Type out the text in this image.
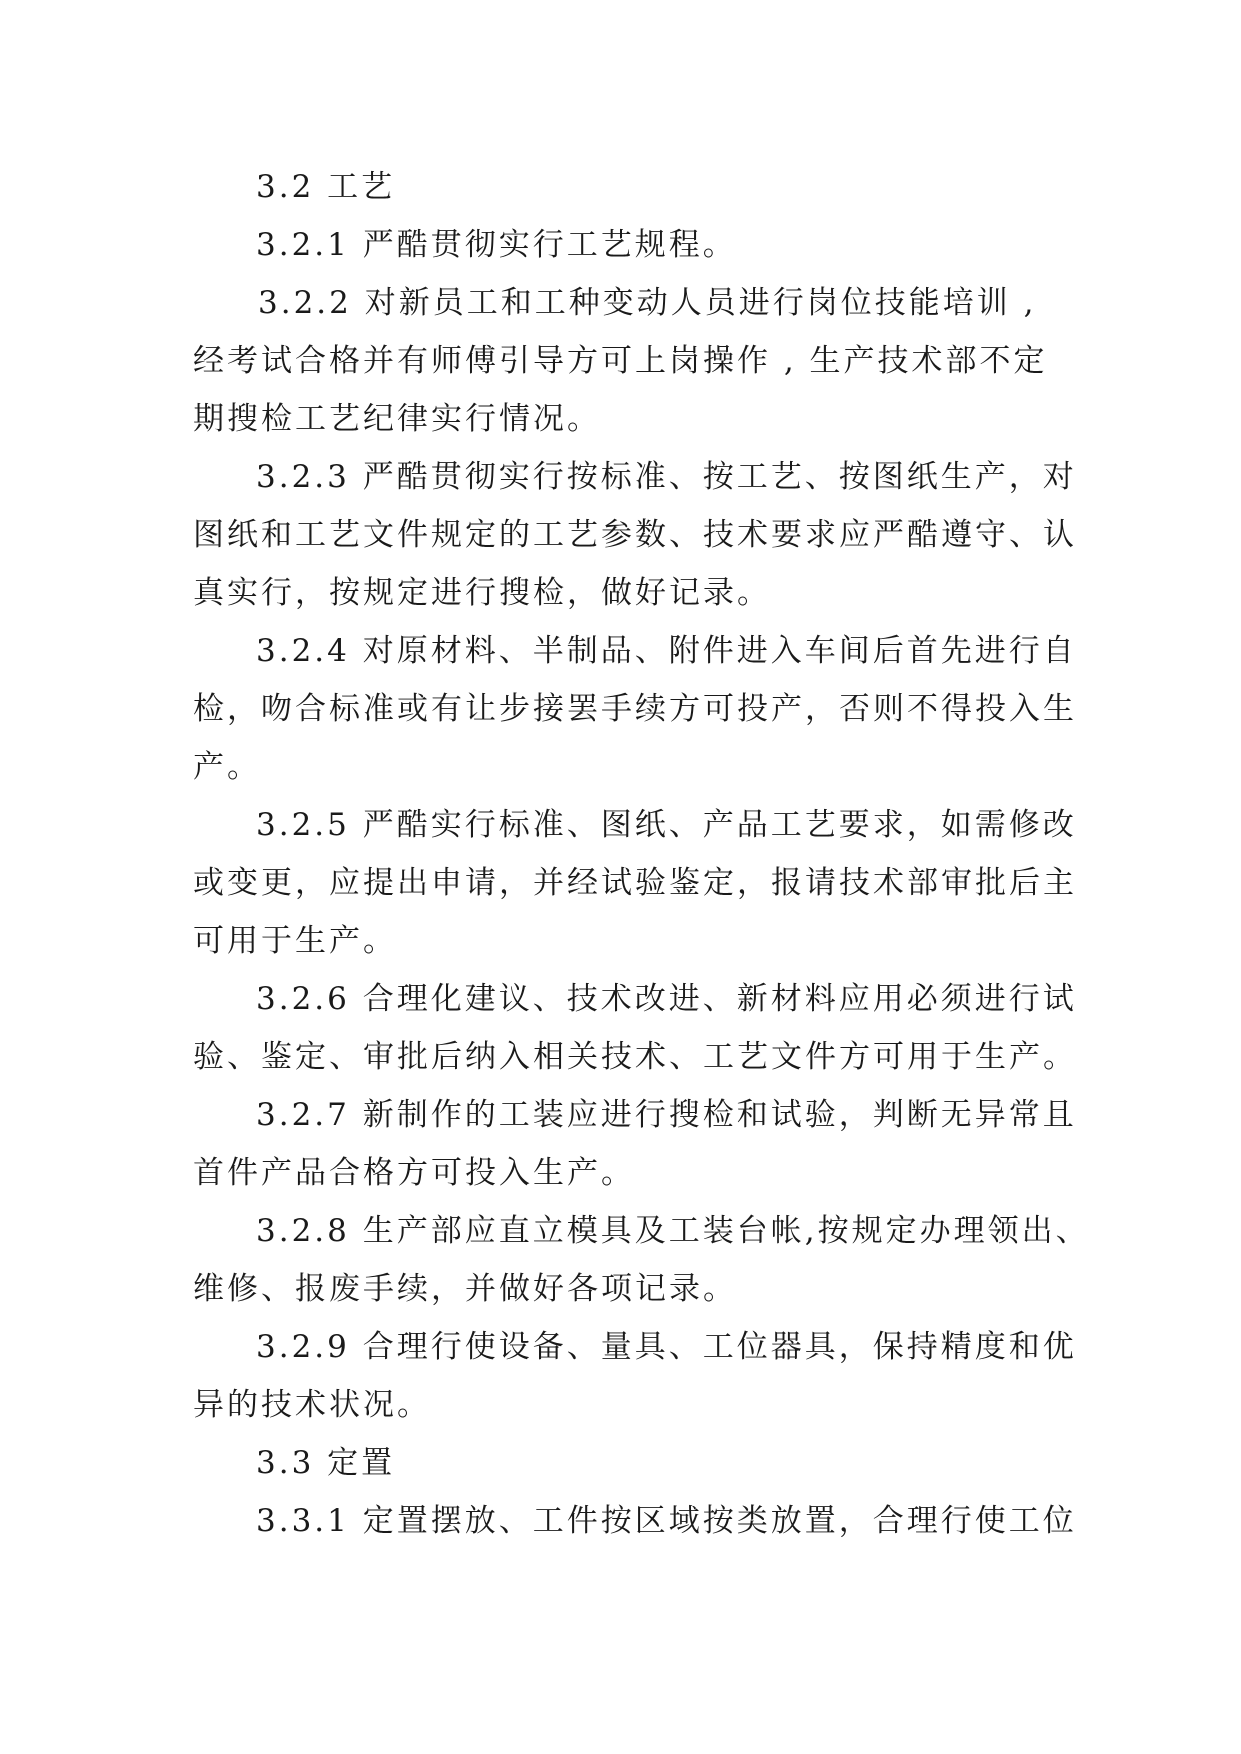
3.2 工艺
3.2.1 严酷贯彻实行工艺规程。
3.2.2 对新员工和工种变动人员进行岗位技能培训 ,
经考试合格并有师傅引导方可上岗操作 , 生产技术部不定
期搜检工艺纪律实行情况。
3.2.3 严酷贯彻实行按标准、按工艺、按图纸生产，对
图纸和工艺文件规定的工艺参数、技术要求应严酷遵守、认
真实行，按规定进行搜检，做好记录。
3.2.4 对原材料、半制品、附件进入车间后首先进行自
检，吻合标准或有让步接罢手续方可投产，否则不得投入生
产。
3.2.5 严酷实行标准、图纸、产品工艺要求，如需修改
或变更，应提出申请，并经试验鉴定，报请技术部审批后主
可用于生产。
3.2.6 合理化建议、技术改进、新材料应用必须进行试
验、鉴定、审批后纳入相关技术、工艺文件方可用于生产。
3.2.7 新制作的工装应进行搜检和试验，判断无异常且
首件产品合格方可投入生产。
3.2.8 生产部应直立模具及工装台帐,按规定办理领出、
维修、报废手续，并做好各项记录。
3.2.9 合理行使设备、量具、工位器具，保持精度和优
异的技术状况。
3.3 定置
3.3.1 定置摆放、工件按区域按类放置，合理行使工位
